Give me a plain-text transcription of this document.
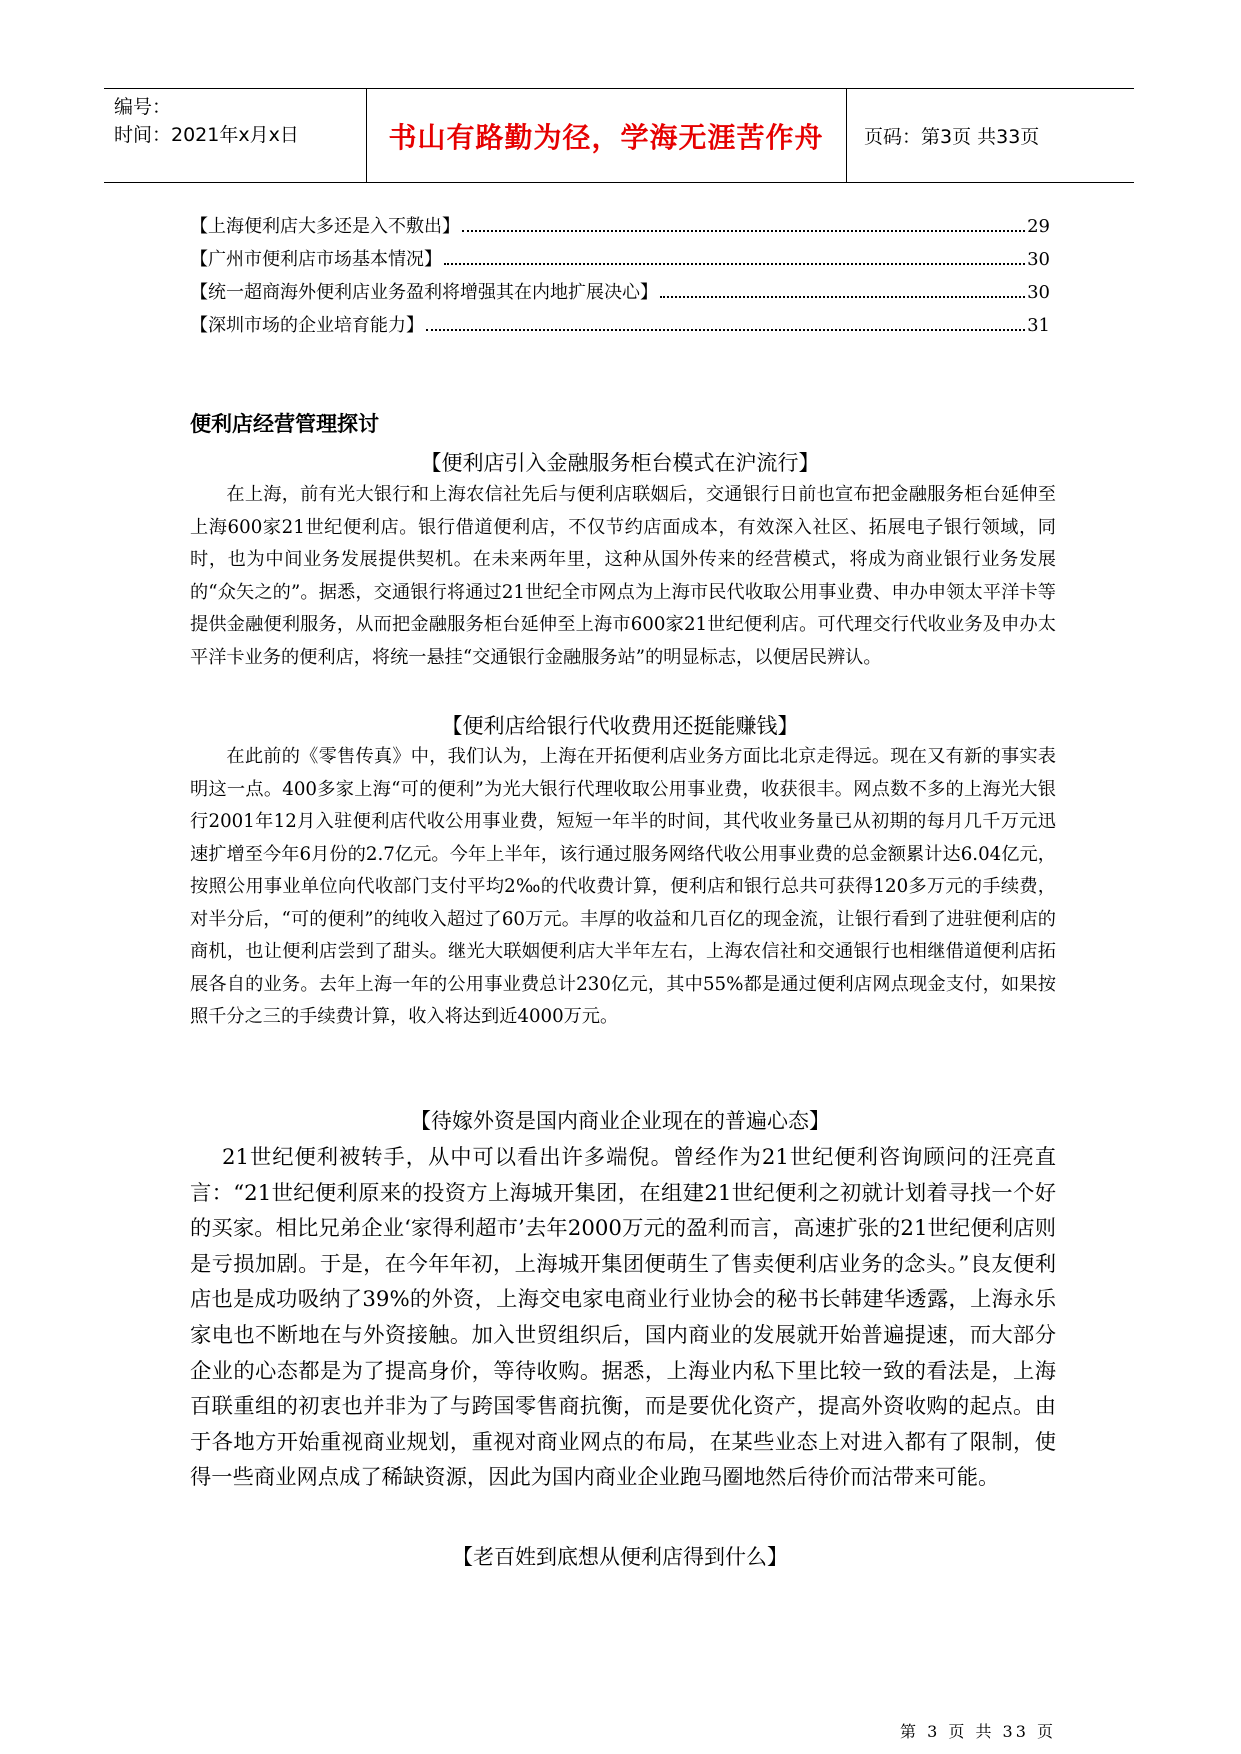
编号：
时间：2021年x月x日	书山有路勤为径，学海无涯苦作舟	页码：第3页 共33页
【上海便利店大多还是入不敷出】	29
【广州市便利店市场基本情况】	30
【统一超商海外便利店业务盈利将增强其在内地扩展决心】	30
【深圳市场的企业培育能力】	31
便利店经营管理探讨
【便利店引入金融服务柜台模式在沪流行】
在上海，前有光大银行和上海农信社先后与便利店联姻后，交通银行日前也宣布把金融服务柜台延伸至上海600家21世纪便利店。银行借道便利店，不仅节约店面成本，有效深入社区、拓展电子银行领域，同时，也为中间业务发展提供契机。在未来两年里，这种从国外传来的经营模式，将成为商业银行业务发展的“众矢之的”。据悉，交通银行将通过21世纪全市网点为上海市民代收取公用事业费、申办申领太平洋卡等提供金融便利服务，从而把金融服务柜台延伸至上海市600家21世纪便利店。可代理交行代收业务及申办太平洋卡业务的便利店，将统一悬挂“交通银行金融服务站”的明显标志，以便居民辨认。
【便利店给银行代收费用还挺能赚钱】
在此前的《零售传真》中，我们认为，上海在开拓便利店业务方面比北京走得远。现在又有新的事实表明这一点。400多家上海“可的便利”为光大银行代理收取公用事业费，收获很丰。网点数不多的上海光大银行2001年12月入驻便利店代收公用事业费，短短一年半的时间，其代收业务量已从初期的每月几千万元迅速扩增至今年6月份的2.7亿元。今年上半年，该行通过服务网络代收公用事业费的总金额累计达6.04亿元，按照公用事业单位向代收部门支付平均2‰的代收费计算，便利店和银行总共可获得120多万元的手续费，对半分后，“可的便利”的纯收入超过了60万元。丰厚的收益和几百亿的现金流，让银行看到了进驻便利店的商机，也让便利店尝到了甜头。继光大联姻便利店大半年左右，上海农信社和交通银行也相继借道便利店拓展各自的业务。去年上海一年的公用事业费总计230亿元，其中55%都是通过便利店网点现金支付，如果按照千分之三的手续费计算，收入将达到近4000万元。
【待嫁外资是国内商业企业现在的普遍心态】
21世纪便利被转手，从中可以看出许多端倪。曾经作为21世纪便利咨询顾问的汪亮直言：“21世纪便利原来的投资方上海城开集团，在组建21世纪便利之初就计划着寻找一个好的买家。相比兄弟企业‘家得利超市’去年2000万元的盈利而言，高速扩张的21世纪便利店则是亏损加剧。于是，在今年年初，上海城开集团便萌生了售卖便利店业务的念头。”良友便利店也是成功吸纳了39%的外资，上海交电家电商业行业协会的秘书长韩建华透露，上海永乐家电也不断地在与外资接触。加入世贸组织后，国内商业的发展就开始普遍提速，而大部分企业的心态都是为了提高身价，等待收购。据悉，上海业内私下里比较一致的看法是，上海百联重组的初衷也并非为了与跨国零售商抗衡，而是要优化资产，提高外资收购的起点。由于各地方开始重视商业规划，重视对商业网点的布局，在某些业态上对进入都有了限制，使得一些商业网点成了稀缺资源，因此为国内商业企业跑马圈地然后待价而沽带来可能。
【老百姓到底想从便利店得到什么】
第 3 页 共 33 页
